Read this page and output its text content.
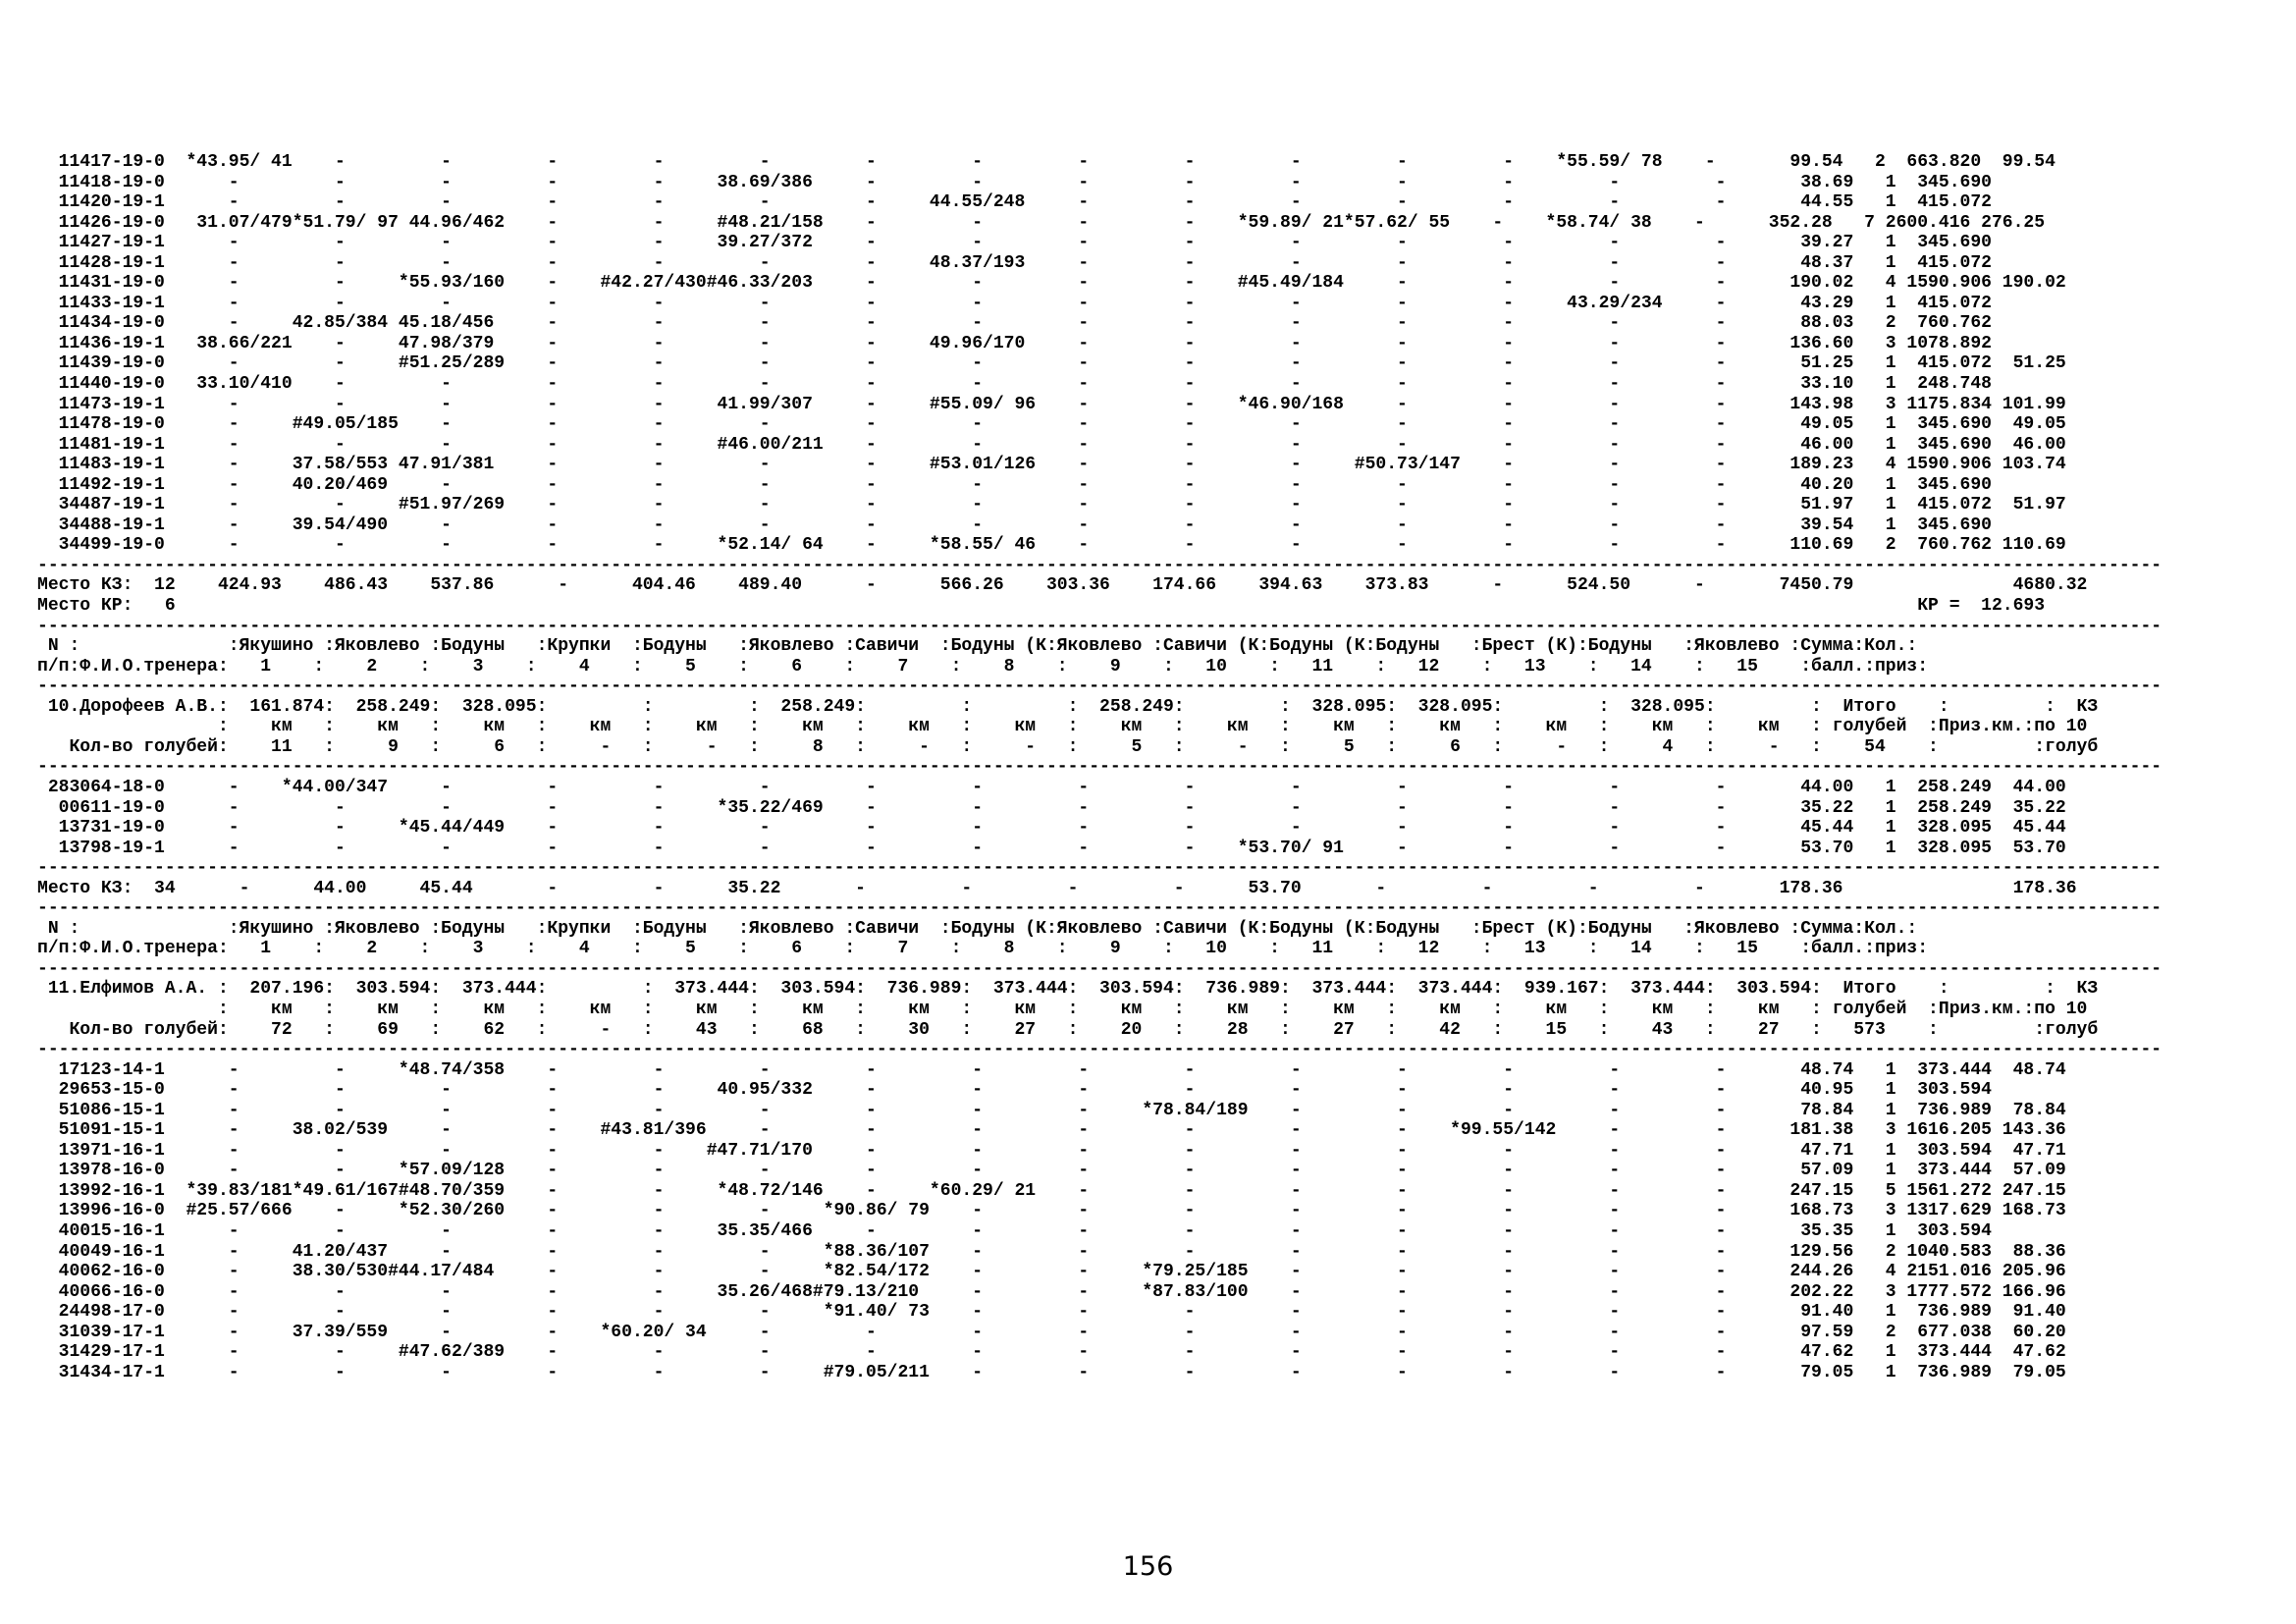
11417-19-0  *43.95/ 41    -         -         -         -         -         -         -         -         -         -         -         -    *55.59/ 78    -       99.54   2  663.820  99.54
11418-19-0      -         -         -         -         -     38.69/386     -         -         -         -         -         -         -         -         -       38.69   1  345.690
11420-19-1      -         -         -         -         -         -         -     44.55/248     -         -         -         -         -         -         -       44.55   1  415.072
11426-19-0   31.07/479*51.79/ 97 44.96/462    -         -     #48.21/158    -         -         -         -    *59.89/ 21*57.62/ 55    -    *58.74/ 38    -      352.28   7 2600.416 276.25
11427-19-1      -         -         -         -         -     39.27/372     -         -         -         -         -         -         -         -         -       39.27   1  345.690
11428-19-1      -         -         -         -         -         -         -     48.37/193     -         -         -         -         -         -         -       48.37   1  415.072
11431-19-0      -         -     *55.93/160    -    #42.27/430#46.33/203     -         -         -         -    #45.49/184     -         -         -         -      190.02   4 1590.906 190.02
11433-19-1      -         -         -         -         -         -         -         -         -         -         -         -         -     43.29/234     -       43.29   1  415.072
11434-19-0      -     42.85/384 45.18/456     -         -         -         -         -         -         -         -         -         -         -         -       88.03   2  760.762
11436-19-1   38.66/221    -     47.98/379     -         -         -         -     49.96/170     -         -         -         -         -         -         -      136.60   3 1078.892
11439-19-0      -         -     #51.25/289    -         -         -         -         -         -         -         -         -         -         -         -       51.25   1  415.072  51.25
11440-19-0   33.10/410    -         -         -         -         -         -         -         -         -         -         -         -         -         -       33.10   1  248.748
11473-19-1      -         -         -         -         -     41.99/307     -     #55.09/ 96    -         -    *46.90/168     -         -         -         -      143.98   3 1175.834 101.99
11478-19-0      -     #49.05/185    -         -         -         -         -         -         -         -         -         -         -         -         -       49.05   1  345.690  49.05
11481-19-1      -         -         -         -         -     #46.00/211    -         -         -         -         -         -         -         -         -       46.00   1  345.690  46.00
11483-19-1      -     37.58/553 47.91/381     -         -         -         -     #53.01/126    -         -         -     #50.73/147    -         -         -      189.23   4 1590.906 103.74
11492-19-1      -     40.20/469     -         -         -         -         -         -         -         -         -         -         -         -         -       40.20   1  345.690
34487-19-1      -         -     #51.97/269    -         -         -         -         -         -         -         -         -         -         -         -       51.97   1  415.072  51.97
34488-19-1      -     39.54/490     -         -         -         -         -         -         -         -         -         -         -         -         -       39.54   1  345.690
34499-19-0      -         -         -         -         -     *52.14/ 64    -     *58.55/ 46    -         -         -         -         -         -         -      110.69   2  760.762 110.69
--------------------------------------------------------------------------------------------------------------------------------------------------------------------------------------------------------
Место КЗ:  12    424.93    486.43    537.86      -      404.46    489.40      -      566.26    303.36    174.66    394.63    373.83      -      524.50      -       7450.79               4680.32
Место КР:   6                                                                                                                                                                    КР =  12.693
--------------------------------------------------------------------------------------------------------------------------------------------------------------------------------------------------------
N :              :Якушино :Яковлево :Бодуны   :Крупки  :Бодуны   :Яковлево :Савичи  :Бодуны (К:Яковлево :Савичи (К:Бодуны (К:Бодуны   :Брест (К):Бодуны   :Яковлево :Сумма:Кол.:
п/п:Ф.И.О.тренера:   1    :    2    :    3    :    4    :    5    :    6    :    7    :    8    :    9    :   10    :   11    :   12    :   13    :   14    :   15    :балл.:приз:
--------------------------------------------------------------------------------------------------------------------------------------------------------------------------------------------------------
10.Дорофеев А.В.:  161.874:  258.249:  328.095:         :         :  258.249:         :         :  258.249:         :  328.095:  328.095:         :  328.095:         :  Итого    :         :  КЗ
:    км   :    км   :    км   :    км   :    км   :    км   :    км   :    км   :    км   :    км   :    км   :    км   :    км   :    км   :    км   : голубей  :Приз.км.:по 10
Кол-во голубей:    11   :     9   :     6   :     -   :     -   :     8   :     -   :     -   :     5   :     -   :     5   :     6   :     -   :     4   :     -   :    54    :         :голуб
--------------------------------------------------------------------------------------------------------------------------------------------------------------------------------------------------------
283064-18-0      -    *44.00/347     -         -         -         -         -         -         -         -         -         -         -         -         -       44.00   1  258.249  44.00
00611-19-0      -         -         -         -         -     *35.22/469    -         -         -         -         -         -         -         -         -       35.22   1  258.249  35.22
13731-19-0      -         -     *45.44/449    -         -         -         -         -         -         -         -         -         -         -         -       45.44   1  328.095  45.44
13798-19-1      -         -         -         -         -         -         -         -         -         -    *53.70/ 91     -         -         -         -       53.70   1  328.095  53.70
--------------------------------------------------------------------------------------------------------------------------------------------------------------------------------------------------------
Место КЗ:  34      -      44.00     45.44       -         -      35.22       -         -         -         -      53.70       -         -         -         -       178.36                178.36
--------------------------------------------------------------------------------------------------------------------------------------------------------------------------------------------------------
N :              :Якушино :Яковлево :Бодуны   :Крупки  :Бодуны   :Яковлево :Савичи  :Бодуны (К:Яковлево :Савичи (К:Бодуны (К:Бодуны   :Брест (К):Бодуны   :Яковлево :Сумма:Кол.:
п/п:Ф.И.О.тренера:   1    :    2    :    3    :    4    :    5    :    6    :    7    :    8    :    9    :   10    :   11    :   12    :   13    :   14    :   15    :балл.:приз:
--------------------------------------------------------------------------------------------------------------------------------------------------------------------------------------------------------
11.Елфимов А.А. :  207.196:  303.594:  373.444:         :  373.444:  303.594:  736.989:  373.444:  303.594:  736.989:  373.444:  373.444:  939.167:  373.444:  303.594:  Итого    :         :  КЗ
:    км   :    км   :    км   :    км   :    км   :    км   :    км   :    км   :    км   :    км   :    км   :    км   :    км   :    км   :    км   : голубей  :Приз.км.:по 10
Кол-во голубей:    72   :    69   :    62   :     -   :    43   :    68   :    30   :    27   :    20   :    28   :    27   :    42   :    15   :    43   :    27   :   573    :         :голуб
--------------------------------------------------------------------------------------------------------------------------------------------------------------------------------------------------------
17123-14-1      -         -     *48.74/358    -         -         -         -         -         -         -         -         -         -         -         -       48.74   1  373.444  48.74
29653-15-0      -         -         -         -         -     40.95/332     -         -         -         -         -         -         -         -         -       40.95   1  303.594
51086-15-1      -         -         -         -         -         -         -         -         -     *78.84/189    -         -         -         -         -       78.84   1  736.989  78.84
51091-15-1      -     38.02/539     -         -    #43.81/396     -         -         -         -         -         -         -    *99.55/142     -         -      181.38   3 1616.205 143.36
13971-16-1      -         -         -         -         -    #47.71/170     -         -         -         -         -         -         -         -         -       47.71   1  303.594  47.71
13978-16-0      -         -     *57.09/128    -         -         -         -         -         -         -         -         -         -         -         -       57.09   1  373.444  57.09
13992-16-1  *39.83/181*49.61/167#48.70/359    -         -     *48.72/146    -     *60.29/ 21    -         -         -         -         -         -         -      247.15   5 1561.272 247.15
13996-16-0  #25.57/666    -     *52.30/260    -         -         -     *90.86/ 79    -         -         -         -         -         -         -         -      168.73   3 1317.629 168.73
40015-16-1      -         -         -         -         -     35.35/466     -         -         -         -         -         -         -         -         -       35.35   1  303.594
40049-16-1      -     41.20/437     -         -         -         -     *88.36/107    -         -         -         -         -         -         -         -      129.56   2 1040.583  88.36
40062-16-0      -     38.30/530#44.17/484     -         -         -     *82.54/172    -         -     *79.25/185    -         -         -         -         -      244.26   4 2151.016 205.96
40066-16-0      -         -         -         -         -     35.26/468#79.13/210     -         -     *87.83/100    -         -         -         -         -      202.22   3 1777.572 166.96
24498-17-0      -         -         -         -         -         -     *91.40/ 73    -         -         -         -         -         -         -         -       91.40   1  736.989  91.40
31039-17-1      -     37.39/559     -         -    *60.20/ 34     -         -         -         -         -         -         -         -         -         -       97.59   2  677.038  60.20
31429-17-1      -         -     #47.62/389    -         -         -         -         -         -         -         -         -         -         -         -       47.62   1  373.444  47.62
31434-17-1      -         -         -         -         -         -     #79.05/211    -         -         -         -         -         -         -         -       79.05   1  736.989  79.05
156
